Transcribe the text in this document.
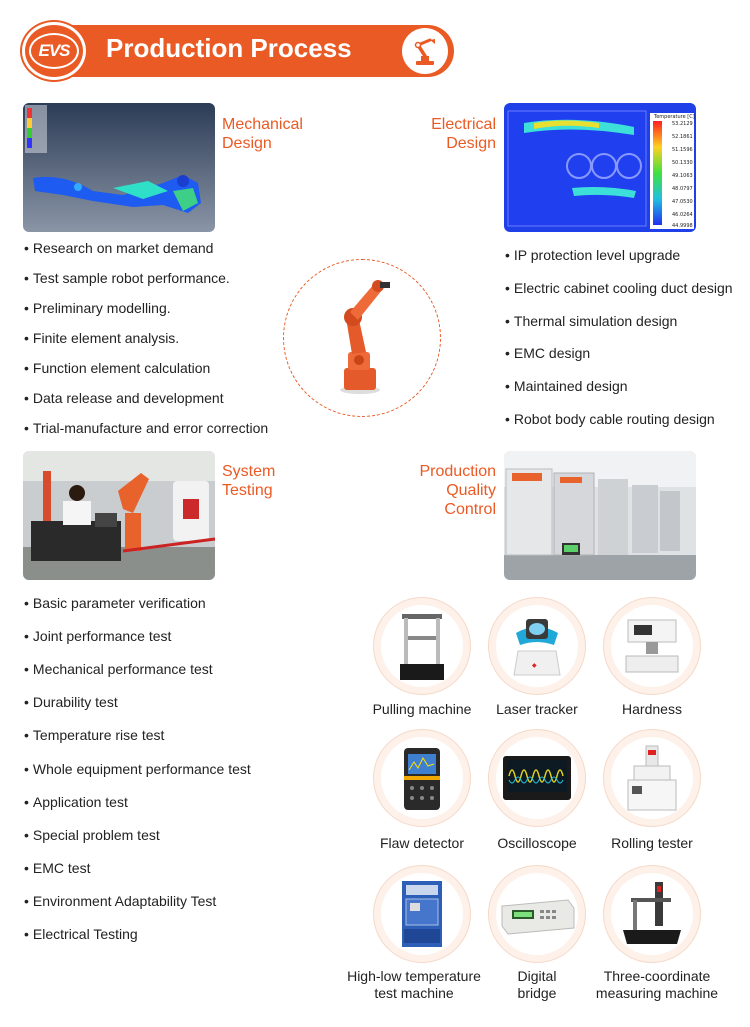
EVS	Production Process
Mechanical
Design
• Research on market demand
• Test sample robot performance.
• Preliminary modelling.
• Finite element analysis.
• Function element calculation
• Data release and development
• Trial-manufacture and error correction
Electrical
Design
Temperature [C]
53.2129
52.1861
51.1596
50.1330
49.1063
48.0797
47.0530
46.0264
44.9998
• IP protection level upgrade
• Electric cabinet cooling duct design
• Thermal simulation design
• EMC design
• Maintained design
• Robot body cable routing design
System
Testing
• Basic parameter verification
• Joint performance test
• Mechanical performance test
• Durability test
• Temperature rise test
• Whole equipment performance test
• Application test
• Special problem test
• EMC test
• Environment Adaptability Test
• Electrical Testing
Production
Quality
Control
Pulling machine
◆
Laser tracker	Hardness
Flaw detector	Oscilloscope	Rolling tester
High-low temperature
test machine
Digital
bridge
Three-coordinate
measuring machine
